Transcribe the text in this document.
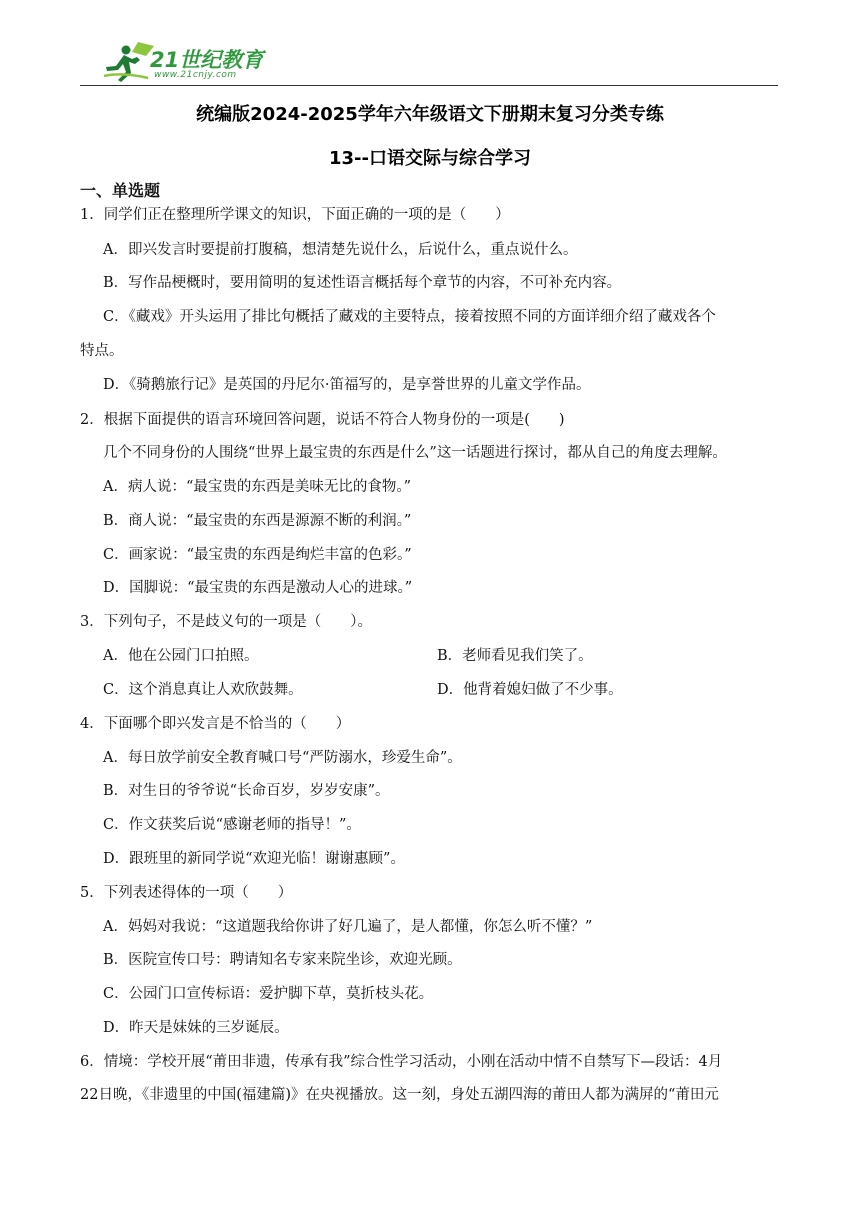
21世纪教育
www.21cnjy.com
统编版2024-2025学年六年级语文下册期末复习分类专练
13--口语交际与综合学习
一、单选题
1．同学们正在整理所学课文的知识，下面正确的一项的是（　　）
A．即兴发言时要提前打腹稿，想清楚先说什么，后说什么，重点说什么。
B．写作品梗概时，要用简明的复述性语言概括每个章节的内容，不可补充内容。
C．《藏戏》开头运用了排比句概括了藏戏的主要特点，接着按照不同的方面详细介绍了藏戏各个
特点。
D．《骑鹅旅行记》是英国的丹尼尔·笛福写的，是享誉世界的儿童文学作品。
2．根据下面提供的语言环境回答问题，说话不符合人物身份的一项是(　　)
几个不同身份的人围绕“世界上最宝贵的东西是什么”这一话题进行探讨，都从自己的角度去理解。
A．病人说：“最宝贵的东西是美味无比的食物。”
B．商人说：“最宝贵的东西是源源不断的利润。”
C．画家说：“最宝贵的东西是绚烂丰富的色彩。”
D．国脚说：“最宝贵的东西是激动人心的进球。”
3．下列句子，不是歧义句的一项是（　　）。
A．他在公园门口拍照。	B．老师看见我们笑了。
C．这个消息真让人欢欣鼓舞。	D．他背着媳妇做了不少事。
4．下面哪个即兴发言是不恰当的（　　）
A．每日放学前安全教育喊口号“严防溺水，珍爱生命”。
B．对生日的爷爷说“长命百岁，岁岁安康”。
C．作文获奖后说“感谢老师的指导！”。
D．跟班里的新同学说“欢迎光临！谢谢惠顾”。
5．下列表述得体的一项（　　）
A．妈妈对我说：“这道题我给你讲了好几遍了，是人都懂，你怎么听不懂？”
B．医院宣传口号：聘请知名专家来院坐诊，欢迎光顾。
C．公园门口宣传标语：爱护脚下草，莫折枝头花。
D．昨天是妹妹的三岁诞辰。
6．情境：学校开展“莆田非遗，传承有我”综合性学习活动，小刚在活动中情不自禁写下—段话：4月
22日晚，《非遗里的中国(福建篇)》在央视播放。这一刻，身处五湖四海的莆田人都为满屏的“莆田元
